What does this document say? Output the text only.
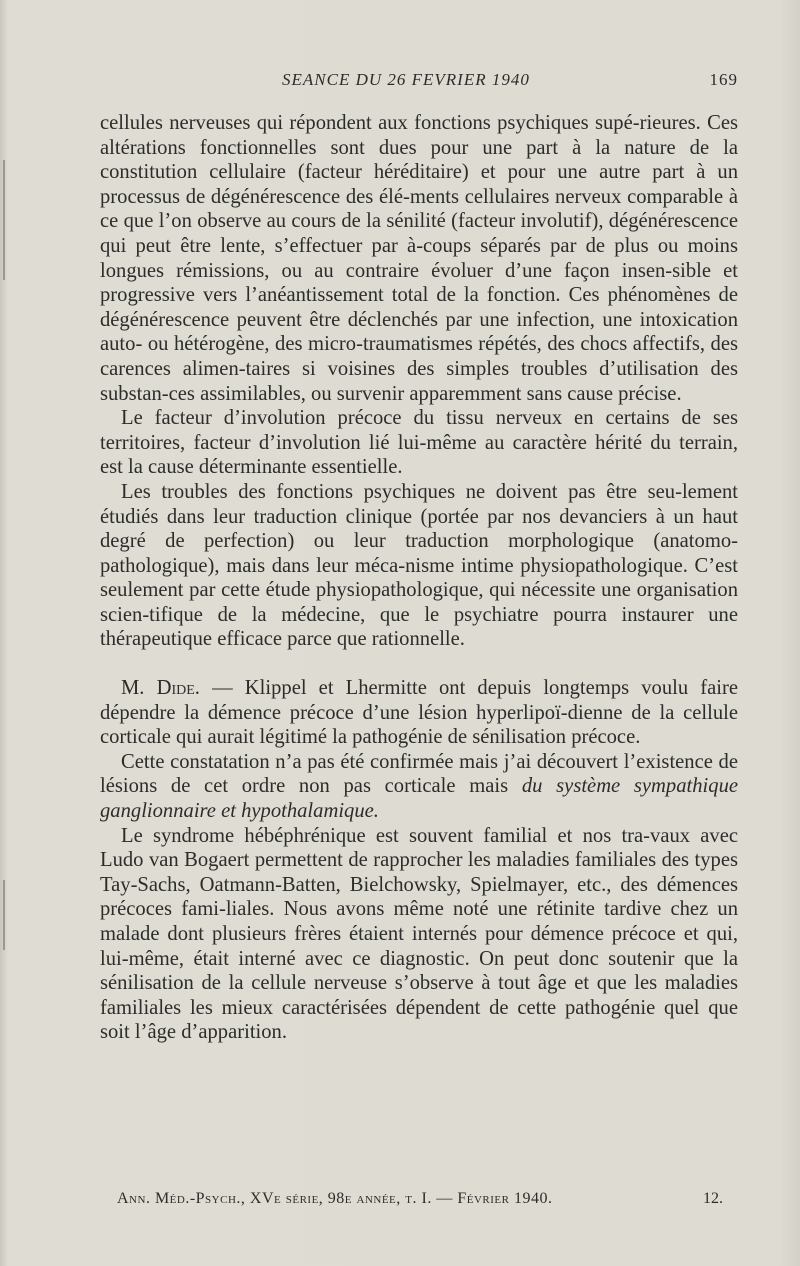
SEANCE DU 26 FEVRIER 1940	169

cellules nerveuses qui répondent aux fonctions psychiques supé-rieures. Ces altérations fonctionnelles sont dues pour une part à la nature de la constitution cellulaire (facteur héréditaire) et pour une autre part à un processus de dégénérescence des élé-ments cellulaires nerveux comparable à ce que l’on observe au cours de la sénilité (facteur involutif), dégénérescence qui peut être lente, s’effectuer par à-coups séparés par de plus ou moins longues rémissions, ou au contraire évoluer d’une façon insen-sible et progressive vers l’anéantissement total de la fonction. Ces phénomènes de dégénérescence peuvent être déclenchés par une infection, une intoxication auto- ou hétérogène, des micro-traumatismes répétés, des chocs affectifs, des carences alimen-taires si voisines des simples troubles d’utilisation des substan-ces assimilables, ou survenir apparemment sans cause précise.

Le facteur d’involution précoce du tissu nerveux en certains de ses territoires, facteur d’involution lié lui-même au caractère hérité du terrain, est la cause déterminante essentielle.

Les troubles des fonctions psychiques ne doivent pas être seu-lement étudiés dans leur traduction clinique (portée par nos devanciers à un haut degré de perfection) ou leur traduction morphologique (anatomo-pathologique), mais dans leur méca-nisme intime physiopathologique. C’est seulement par cette étude physiopathologique, qui nécessite une organisation scien-tifique de la médecine, que le psychiatre pourra instaurer une thérapeutique efficace parce que rationnelle.

M. Dide. — Klippel et Lhermitte ont depuis longtemps voulu faire dépendre la démence précoce d’une lésion hyperlipoï-dienne de la cellule corticale qui aurait légitimé la pathogénie de sénilisation précoce.

Cette constatation n’a pas été confirmée mais j’ai découvert l’existence de lésions de cet ordre non pas corticale mais du système sympathique ganglionnaire et hypothalamique.

Le syndrome hébéphrénique est souvent familial et nos tra-vaux avec Ludo van Bogaert permettent de rapprocher les maladies familiales des types Tay-Sachs, Oatmann-Batten, Bielchowsky, Spielmayer, etc., des démences précoces fami-liales. Nous avons même noté une rétinite tardive chez un malade dont plusieurs frères étaient internés pour démence précoce et qui, lui-même, était interné avec ce diagnostic. On peut donc soutenir que la sénilisation de la cellule nerveuse s’observe à tout âge et que les maladies familiales les mieux caractérisées dépendent de cette pathogénie quel que soit l’âge d’apparition.

Ann. Méd.-Psych., XVe série, 98e année, t. I. — Février 1940.	12.
